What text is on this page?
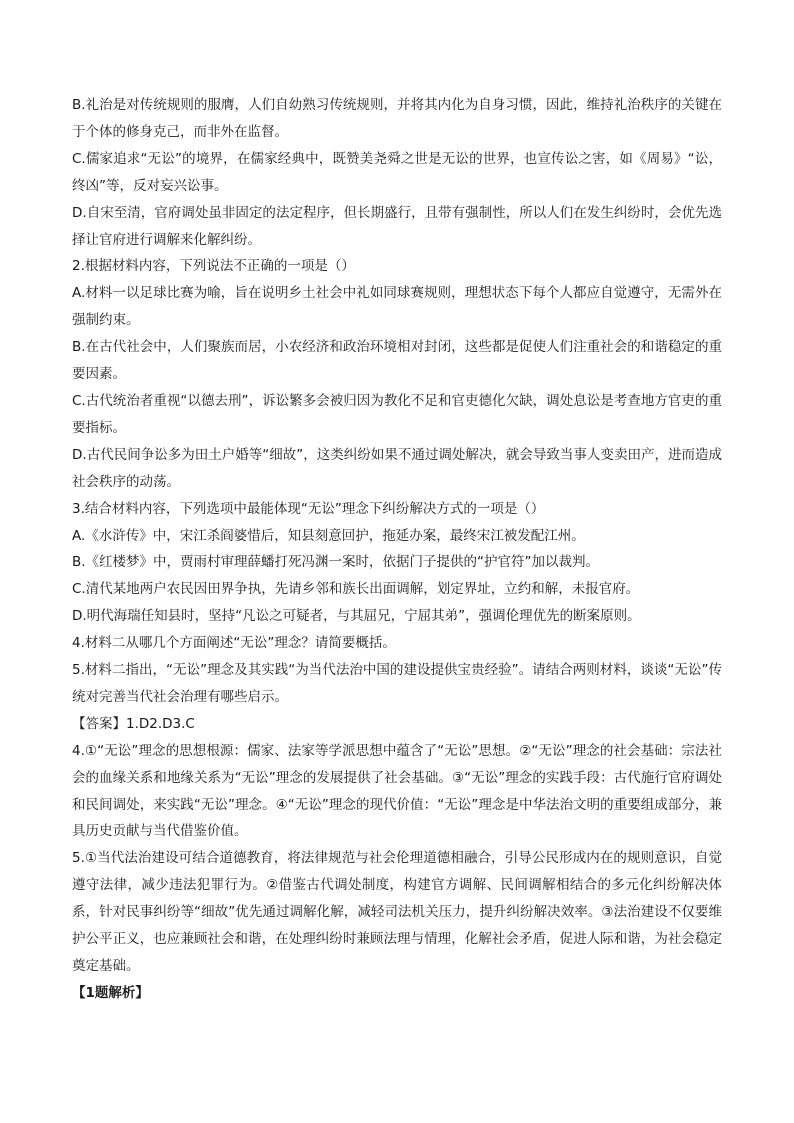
B.礼治是对传统规则的服膺，人们自幼熟习传统规则，并将其内化为自身习惯，因此，维持礼治秩序的关键在于个体的修身克己，而非外在监督。

C.儒家追求“无讼”的境界，在儒家经典中，既赞美尧舜之世是无讼的世界，也宣传讼之害，如《周易》“讼，终凶”等，反对妄兴讼事。

D.自宋至清，官府调处虽非固定的法定程序，但长期盛行，且带有强制性，所以人们在发生纠纷时，会优先选择让官府进行调解来化解纠纷。

2.根据材料内容，下列说法不正确的一项是（）

A.材料一以足球比赛为喻，旨在说明乡土社会中礼如同球赛规则，理想状态下每个人都应自觉遵守，无需外在强制约束。

B.在古代社会中，人们聚族而居，小农经济和政治环境相对封闭，这些都是促使人们注重社会的和谐稳定的重要因素。

C.古代统治者重视“以德去刑”，诉讼繁多会被归因为教化不足和官吏德化欠缺，调处息讼是考查地方官吏的重要指标。

D.古代民间争讼多为田土户婚等“细故”，这类纠纷如果不通过调处解决，就会导致当事人变卖田产，进而造成社会秩序的动荡。

3.结合材料内容，下列选项中最能体现“无讼”理念下纠纷解决方式的一项是（）

A.《水浒传》中，宋江杀阎婆惜后，知县刻意回护，拖延办案，最终宋江被发配江州。

B.《红楼梦》中，贾雨村审理薛蟠打死冯渊一案时，依据门子提供的“护官符”加以裁判。

C.清代某地两户农民因田界争执，先请乡邻和族长出面调解，划定界址，立约和解，未报官府。

D.明代海瑞任知县时，坚持“凡讼之可疑者，与其屈兄，宁屈其弟”，强调伦理优先的断案原则。

4.材料二从哪几个方面阐述“无讼”理念？请简要概括。

5.材料二指出，“无讼”理念及其实践“为当代法治中国的建设提供宝贵经验”。请结合两则材料，谈谈“无讼”传统对完善当代社会治理有哪些启示。

【答案】1.D2.D3.C

4.①“无讼”理念的思想根源：儒家、法家等学派思想中蕴含了“无讼”思想。②“无讼”理念的社会基础：宗法社会的血缘关系和地缘关系为“无讼”理念的发展提供了社会基础。③“无讼”理念的实践手段：古代施行官府调处和民间调处，来实践“无讼”理念。④“无讼”理念的现代价值：“无讼”理念是中华法治文明的重要组成部分，兼具历史贡献与当代借鉴价值。

5.①当代法治建设可结合道德教育，将法律规范与社会伦理道德相融合，引导公民形成内在的规则意识，自觉遵守法律，减少违法犯罪行为。②借鉴古代调处制度，构建官方调解、民间调解相结合的多元化纠纷解决体系，针对民事纠纷等“细故”优先通过调解化解，减轻司法机关压力，提升纠纷解决效率。③法治建设不仅要维护公平正义，也应兼顾社会和谐，在处理纠纷时兼顾法理与情理，化解社会矛盾，促进人际和谐，为社会稳定奠定基础。

【1题解析】
